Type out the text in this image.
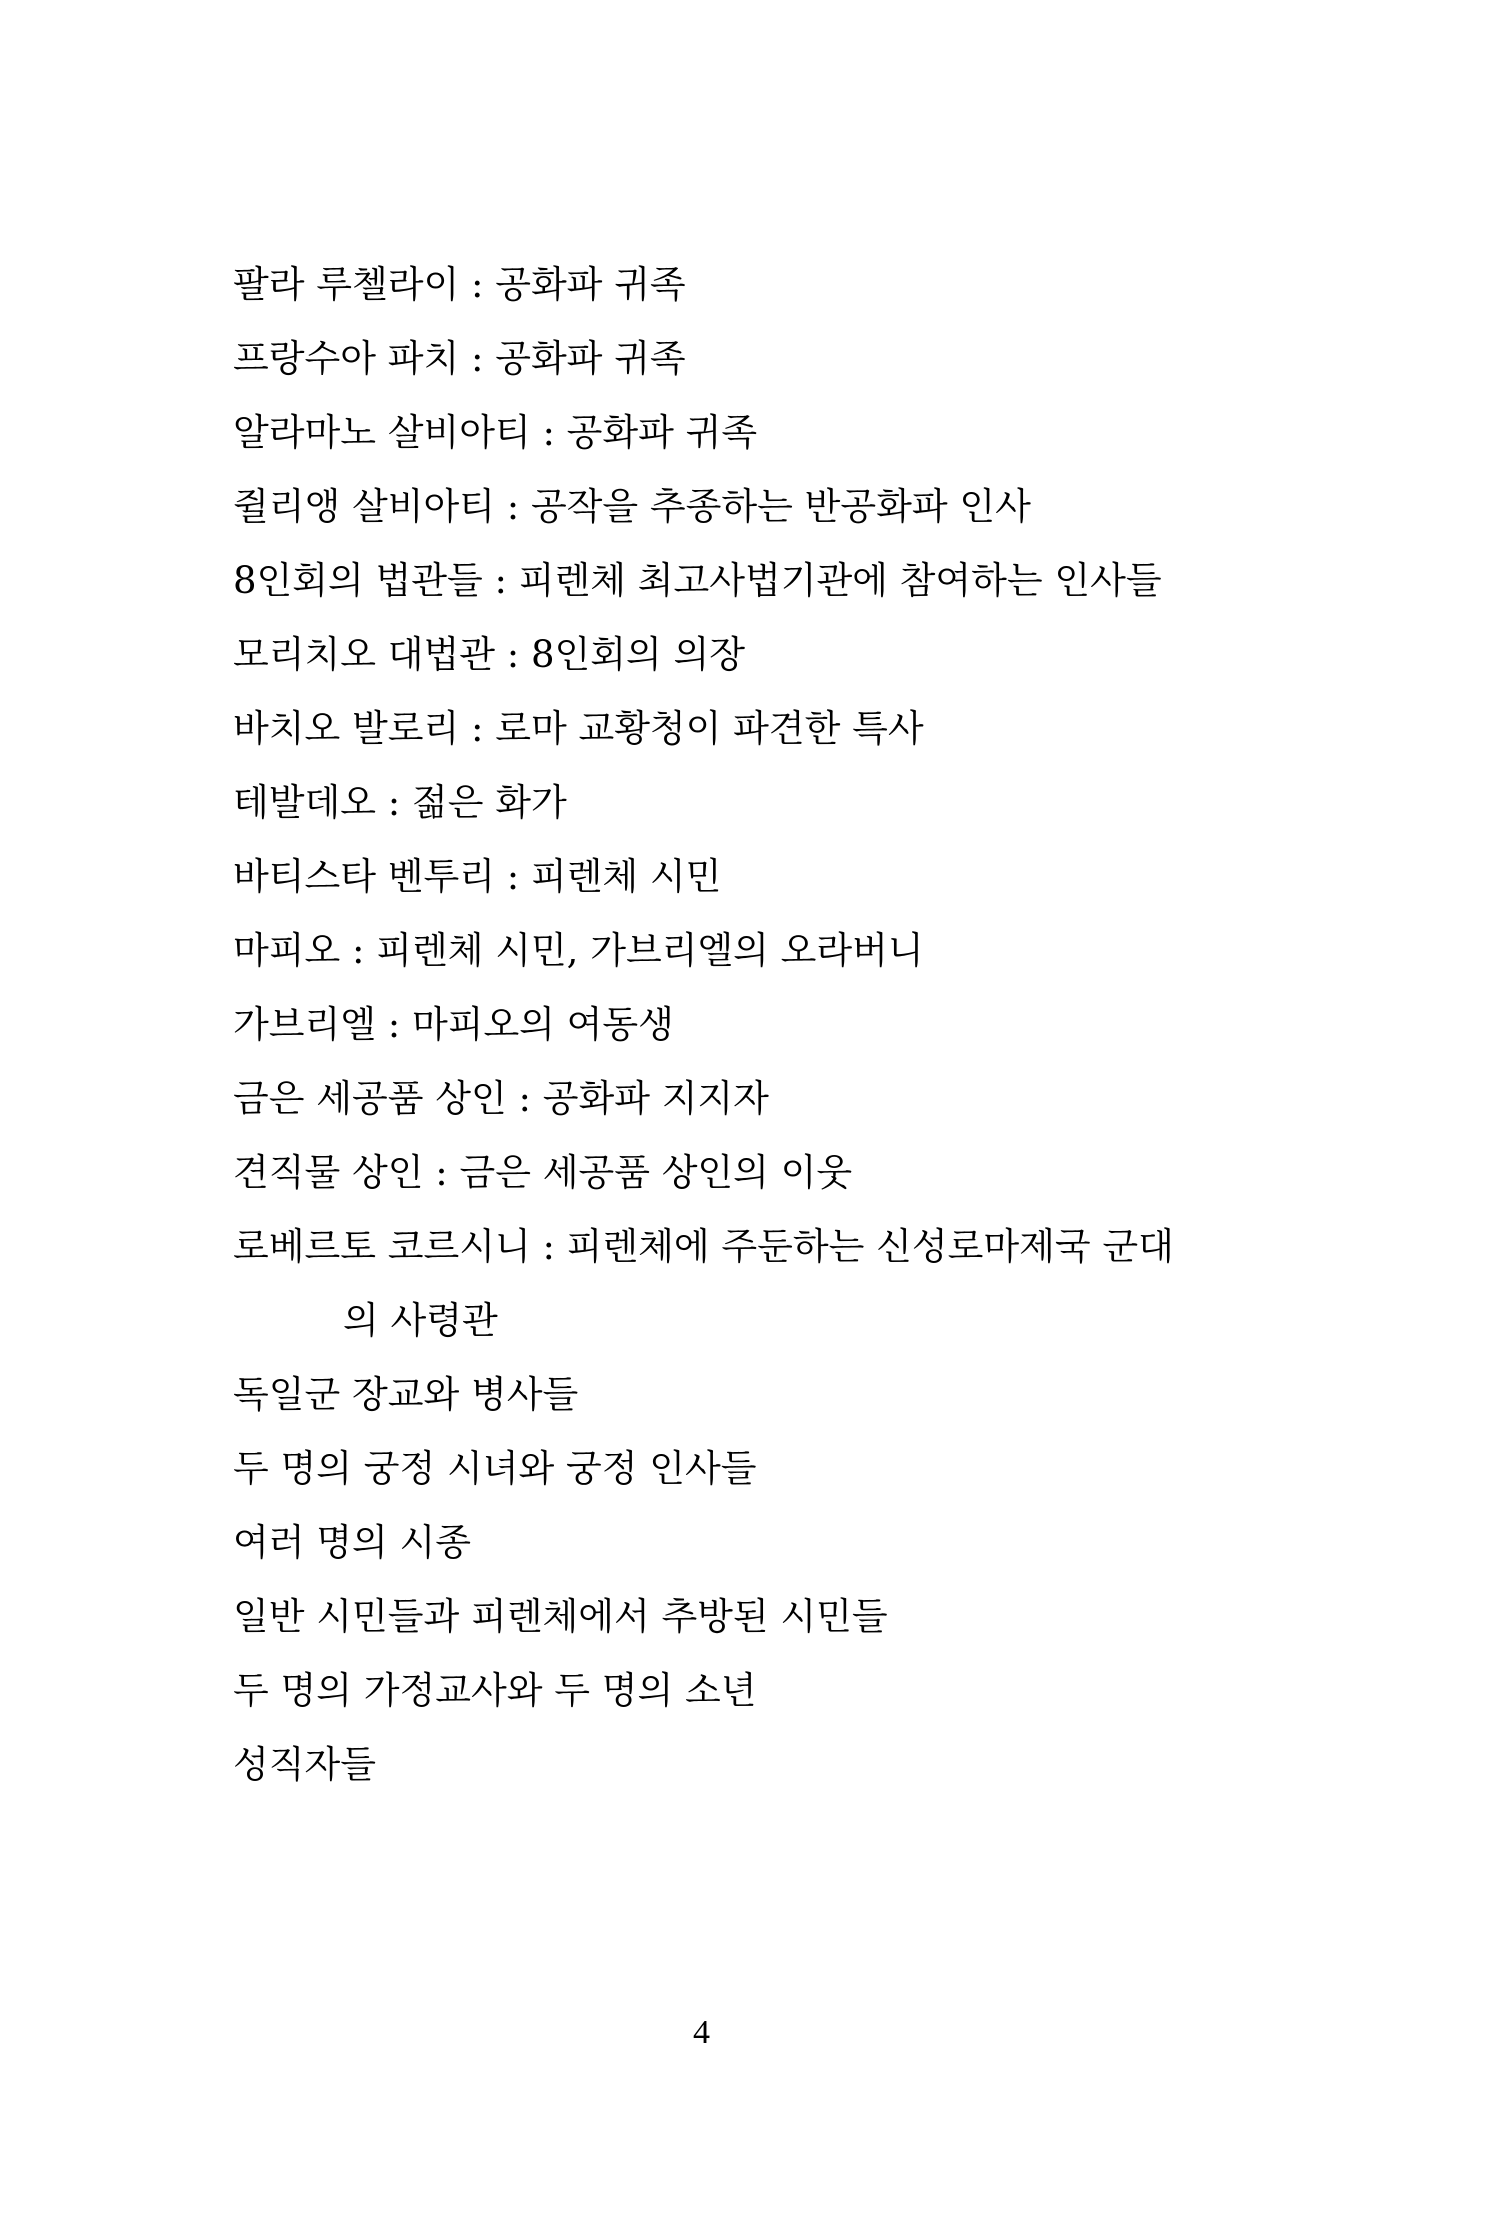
팔라 루첼라이 : 공화파 귀족
프랑수아 파치 : 공화파 귀족
알라마노 살비아티 : 공화파 귀족
쥘리앵 살비아티 : 공작을 추종하는 반공화파 인사
8인회의 법관들 : 피렌체 최고사법기관에 참여하는 인사들
모리치오 대법관 : 8인회의 의장
바치오 발로리 : 로마 교황청이 파견한 특사
테발데오 : 젊은 화가
바티스타 벤투리 : 피렌체 시민
마피오 : 피렌체 시민, 가브리엘의 오라버니
가브리엘 : 마피오의 여동생
금은 세공품 상인 : 공화파 지지자
견직물 상인 : 금은 세공품 상인의 이웃
로베르토 코르시니 : 피렌체에 주둔하는 신성로마제국 군대
의 사령관
독일군 장교와 병사들
두 명의 궁정 시녀와 궁정 인사들
여러 명의 시종
일반 시민들과 피렌체에서 추방된 시민들
두 명의 가정교사와 두 명의 소년
성직자들
4
